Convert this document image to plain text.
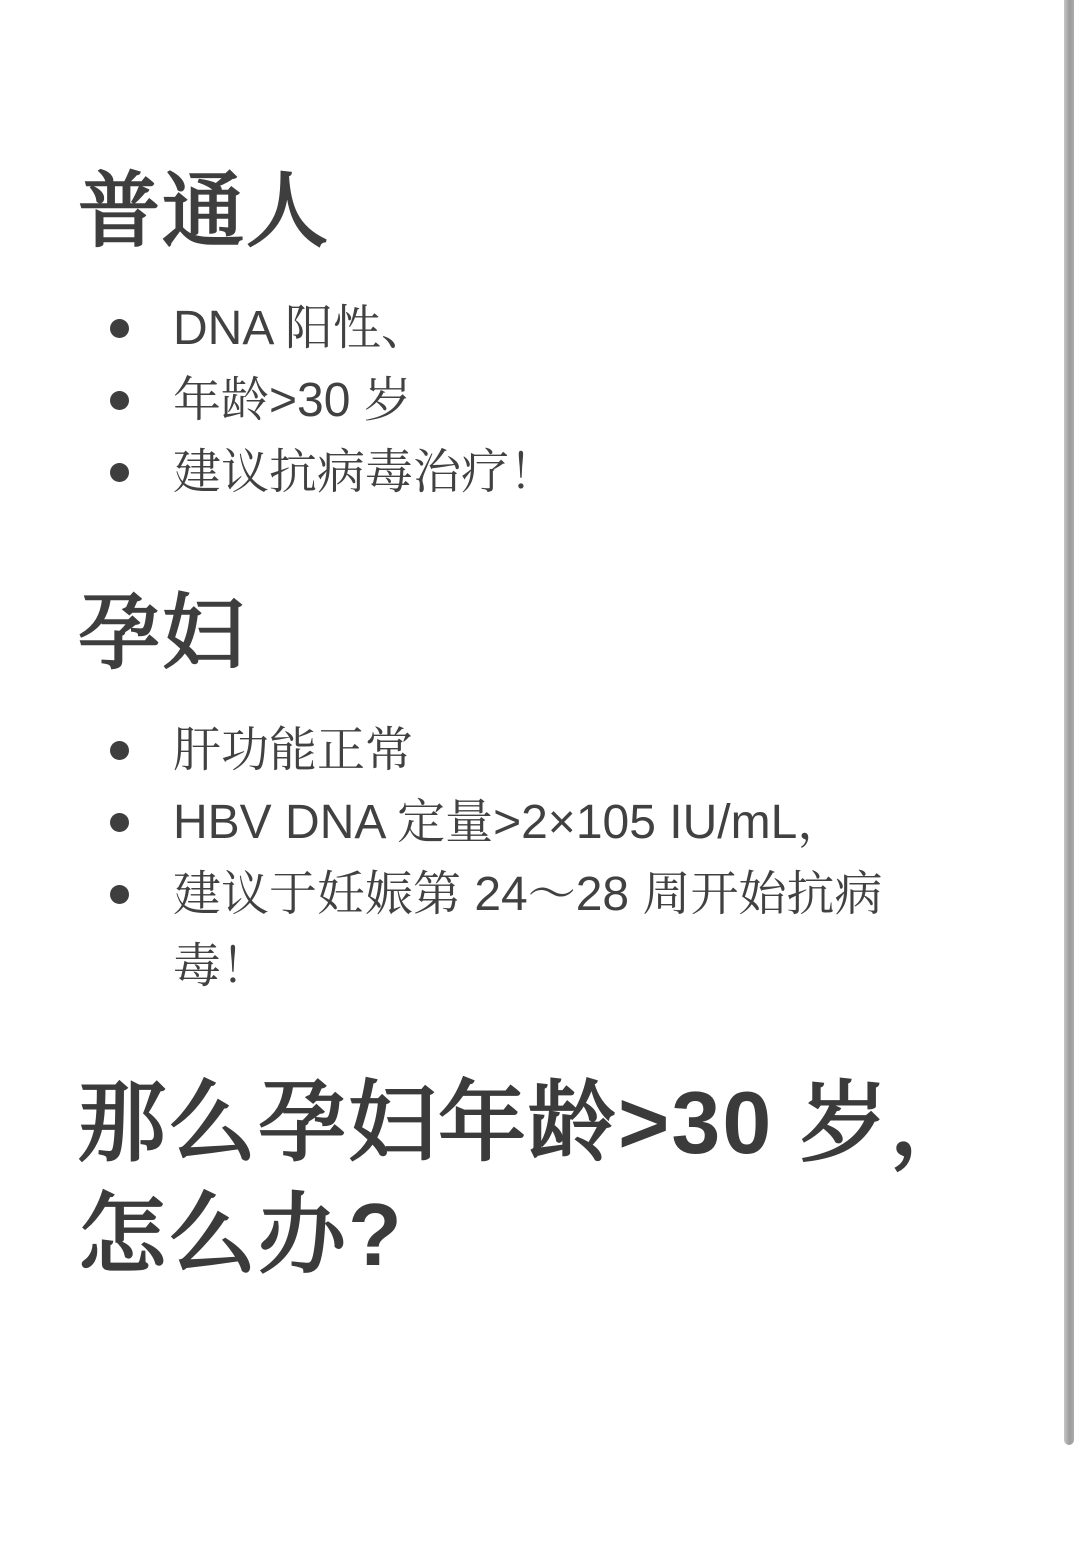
普通人
DNA 阳性、
年龄>30 岁
建议抗病毒治疗！
孕妇
肝功能正常
HBV DNA 定量>2×105 IU/mL，
建议于妊娠第 24～28 周开始抗病毒！
那么孕妇年龄>30 岁，怎么办?
